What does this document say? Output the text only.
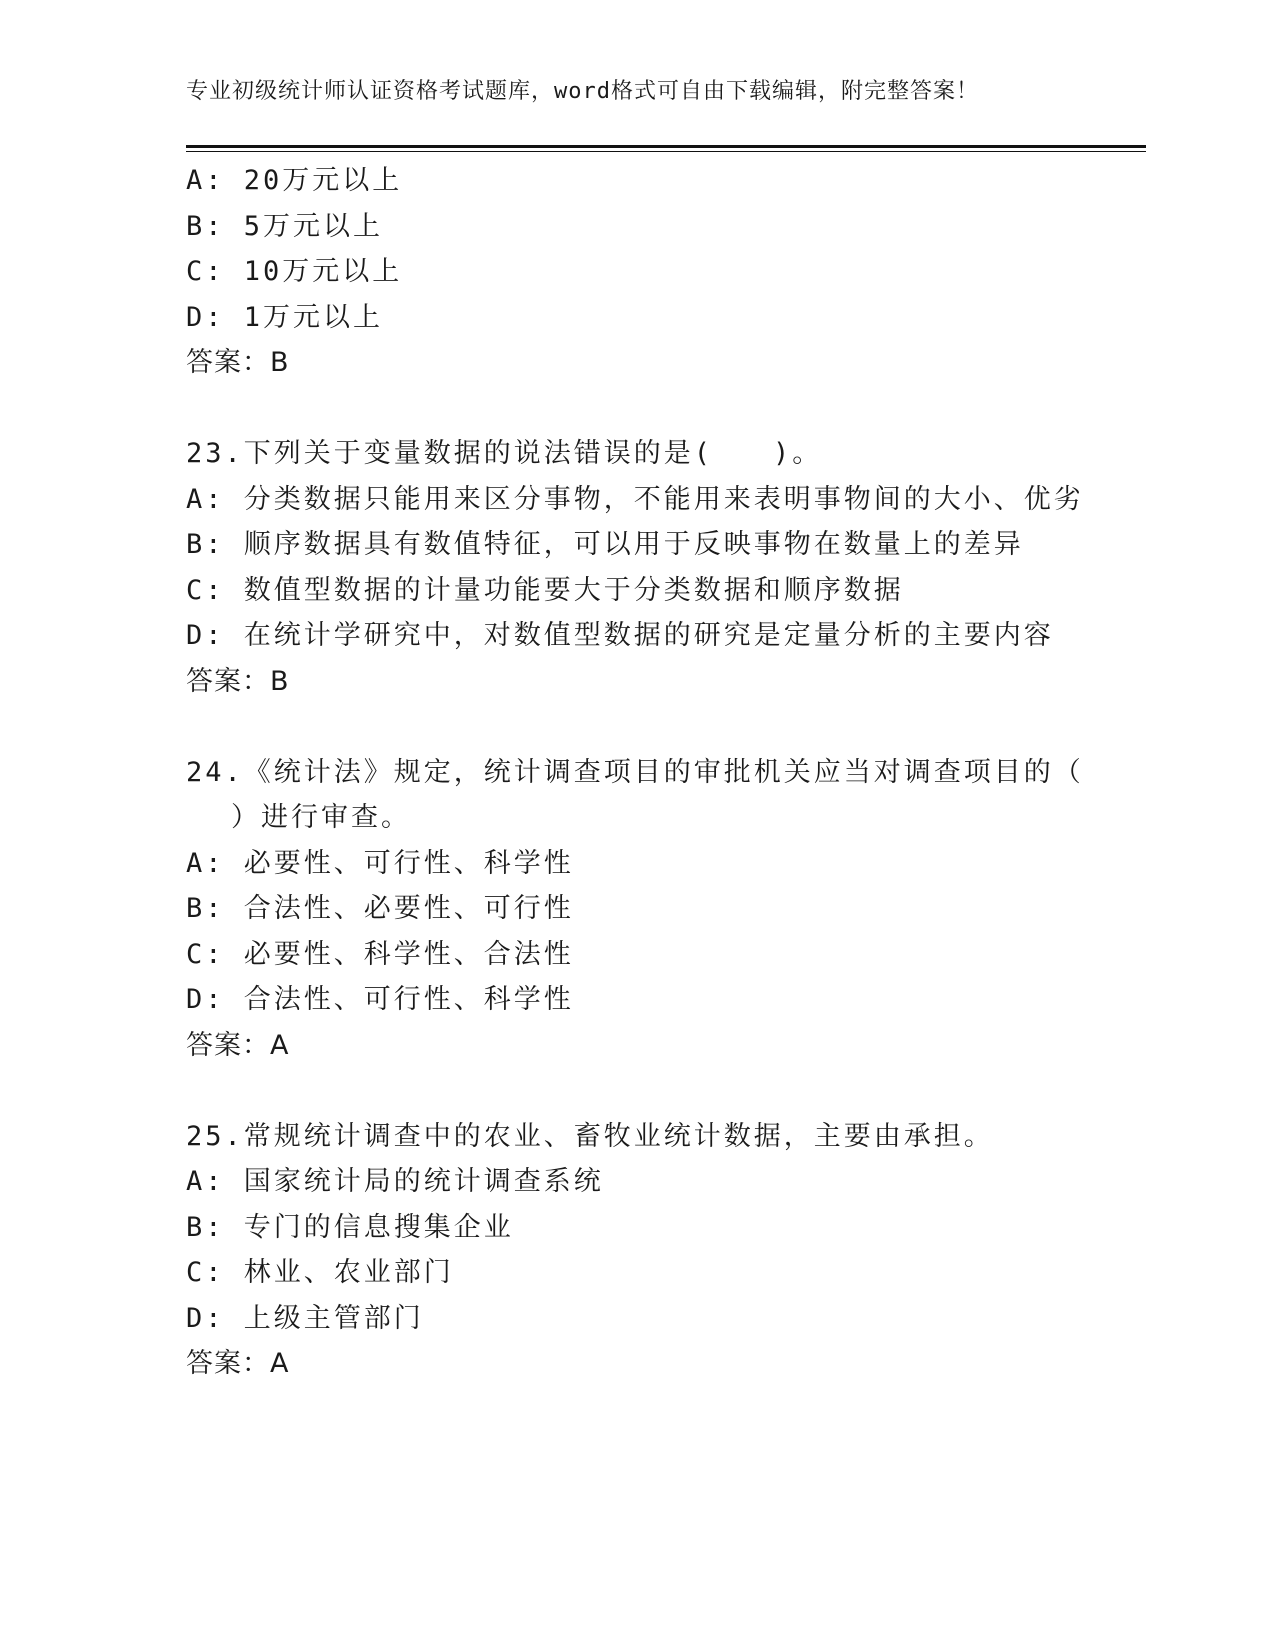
专业初级统计师认证资格考试题库，word格式可自由下载编辑，附完整答案！
A: 20万元以上
B: 5万元以上
C: 10万元以上
D: 1万元以上
答案：B
23.下列关于变量数据的说法错误的是(　　)。
A: 分类数据只能用来区分事物，不能用来表明事物间的大小、优劣
B: 顺序数据具有数值特征，可以用于反映事物在数量上的差异
C: 数值型数据的计量功能要大于分类数据和顺序数据
D: 在统计学研究中，对数值型数据的研究是定量分析的主要内容
答案：B
24.《统计法》规定，统计调查项目的审批机关应当对调查项目的（
）进行审查。
A: 必要性、可行性、科学性
B: 合法性、必要性、可行性
C: 必要性、科学性、合法性
D: 合法性、可行性、科学性
答案：A
25.常规统计调查中的农业、畜牧业统计数据，主要由承担。
A: 国家统计局的统计调查系统
B: 专门的信息搜集企业
C: 林业、农业部门
D: 上级主管部门
答案：A
